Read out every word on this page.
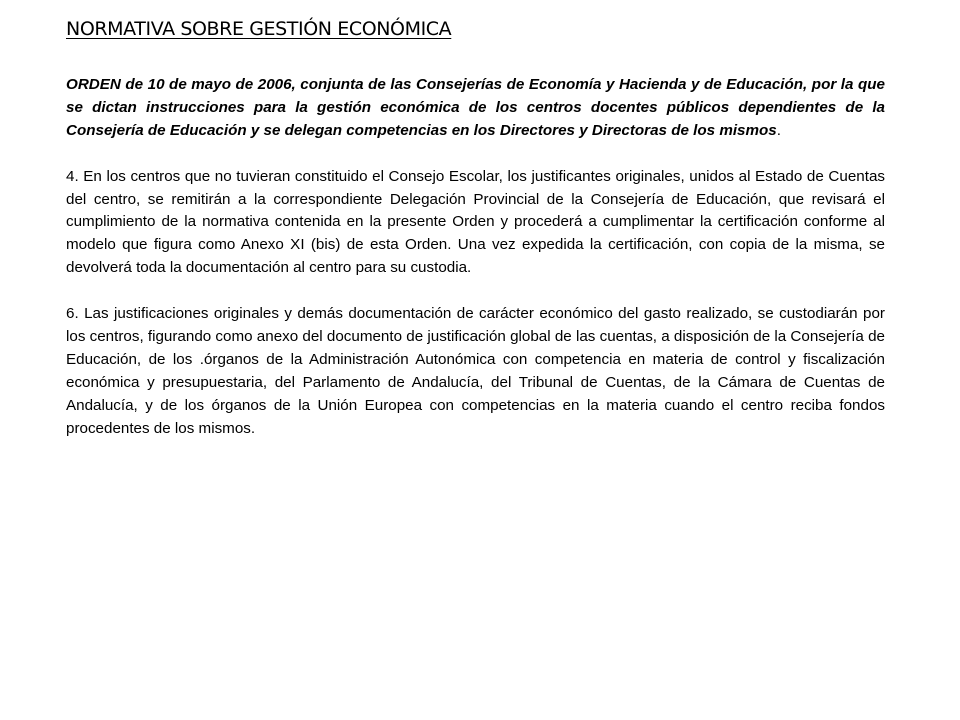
NORMATIVA SOBRE GESTIÓN ECONÓMICA

ORDEN de 10 de mayo de 2006, conjunta de las Consejerías de Economía y Hacienda y de Educación, por la que se dictan instrucciones para la gestión económica de los centros docentes públicos dependientes de la Consejería de Educación y se delegan competencias en los Directores y Directoras de los mismos.

4. En los centros que no tuvieran constituido el Consejo Escolar, los justificantes originales, unidos al Estado de Cuentas del centro, se remitirán a la correspondiente Delegación Provincial de la Consejería de Educación, que revisará el cumplimiento de la normativa contenida en la presente Orden y procederá a cumplimentar la certificación conforme al modelo que figura como Anexo XI (bis) de esta Orden. Una vez expedida la certificación, con copia de la misma, se devolverá toda la documentación al centro para su custodia.

6. Las justificaciones originales y demás documentación de carácter económico del gasto realizado, se custodiarán por los centros, figurando como anexo del documento de justificación global de las cuentas, a disposición de la Consejería de Educación, de los .órganos de la Administración Autonómica con competencia en materia de control y fiscalización económica y presupuestaria, del Parlamento de Andalucía, del Tribunal de Cuentas, de la Cámara de Cuentas de Andalucía, y de los órganos de la Unión Europea con competencias en la materia cuando el centro reciba fondos procedentes de los mismos.
